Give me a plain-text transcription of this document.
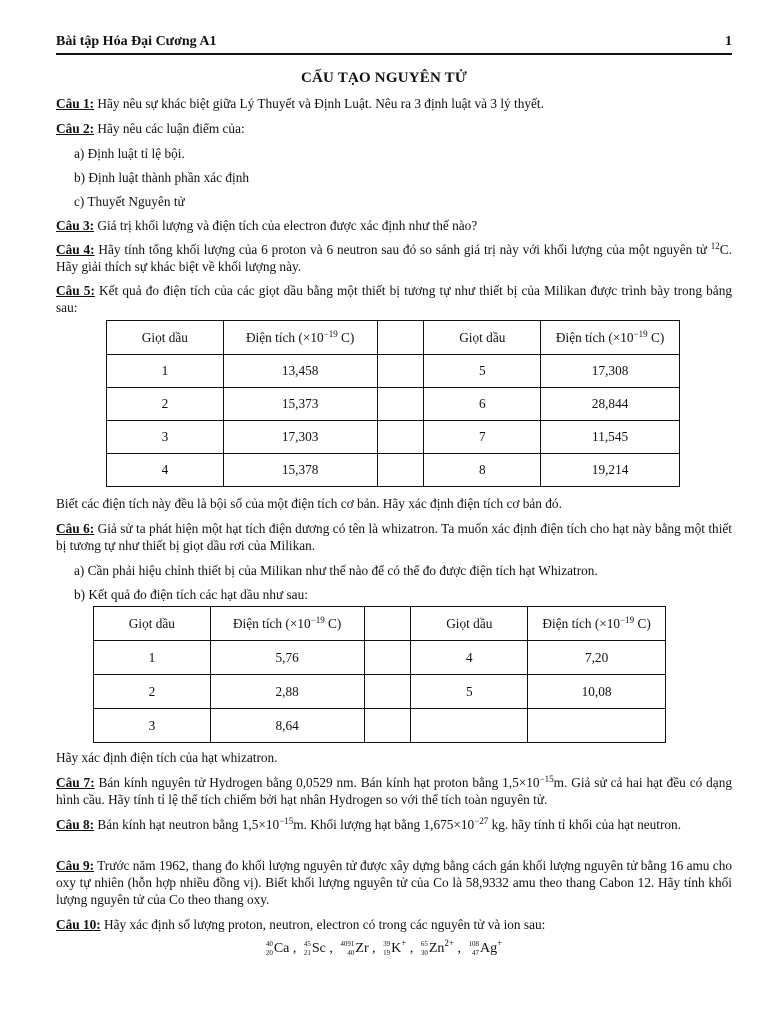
Bài tập Hóa Đại Cương A1	1
CẤU TẠO NGUYÊN TỬ
Câu 1: Hãy nêu sự khác biệt giữa Lý Thuyết và Định Luật. Nêu ra 3 định luật và 3 lý thyết.
Câu 2: Hãy nêu các luận điểm của:
a) Định luật tỉ lệ bội.
b) Định luật thành phần xác định
c) Thuyết Nguyên tử
Câu 3: Giá trị khối lượng và điện tích của electron được xác định như thế nào?
Câu 4: Hãy tính tổng khối lượng của 6 proton và 6 neutron sau đó so sánh giá trị này với khối lượng của một nguyên tử $^{12}$C. Hãy giải thích sự khác biệt về khối lượng này.
Câu 5: Kết quả đo điện tích của các giọt dầu bằng một thiết bị tương tự như thiết bị của Milikan được trình bày trong bảng sau:
Giọt dầu	Điện tích ($\times 10^{-19}$ C)		Giọt dầu	Điện tích ($\times 10^{-19}$ C)
1	13,458		5	17,308
2	15,373		6	28,844
3	17,303		7	11,545
4	15,378		8	19,214
Biết các điện tích này đều là bội số của một điện tích cơ bản. Hãy xác định điện tích cơ bản đó.
Câu 6: Giả sử ta phát hiện một hạt tích điện dương có tên là whizatron. Ta muốn xác định điện tích cho hạt này bằng một thiết bị tương tự như thiết bị giọt dầu rơi của Milikan.
a) Cần phải hiệu chỉnh thiết bị của Milikan như thế nào để có thể đo được điện tích hạt Whizatron.
b) Kết quả đo điện tích các hạt dầu như sau:
Giọt dầu	Điện tích ($\times 10^{-19}$ C)		Giọt dầu	Điện tích ($\times 10^{-19}$ C)
1	5,76		4	7,20
2	2,88		5	10,08
3	8,64			
Hãy xác định điện tích của hạt whizatron.
Câu 7: Bán kính nguyên tử Hydrogen bằng 0,0529 nm. Bán kính hạt proton bằng $1,5\times 10^{-15}m$. Giả sử cả hai hạt đều có dạng hình cầu. Hãy tính tỉ lệ thể tích chiếm bởi hạt nhân Hydrogen so với thể tích toàn nguyên tử.
Câu 8: Bán kính hạt neutron bằng $1,5\times 10^{-15}m$. Khối lượng hạt bằng $1,675\times 10^{-27}$ kg. hãy tính tỉ khối của hạt neutron.
Câu 9: Trước năm 1962, thang đo khối lượng nguyên tử được xây dựng bằng cách gán khối lượng nguyên tử bằng 16 amu cho oxy tự nhiên (hỗn hợp nhiều đồng vị). Biết khối lượng nguyên tử của Co là 58,9332 amu theo thang Cabon 12. Hãy tính khối lượng nguyên tử của Co theo thang oxy.
Câu 10: Hãy xác định số lượng proton, neutron, electron có trong các nguyên tử và ion sau:
40
20Ca , 45
21Sc , 4091
40Zr , 39
19K+ , 65
$30Zn^{2+}$ , 108
47Ag+
